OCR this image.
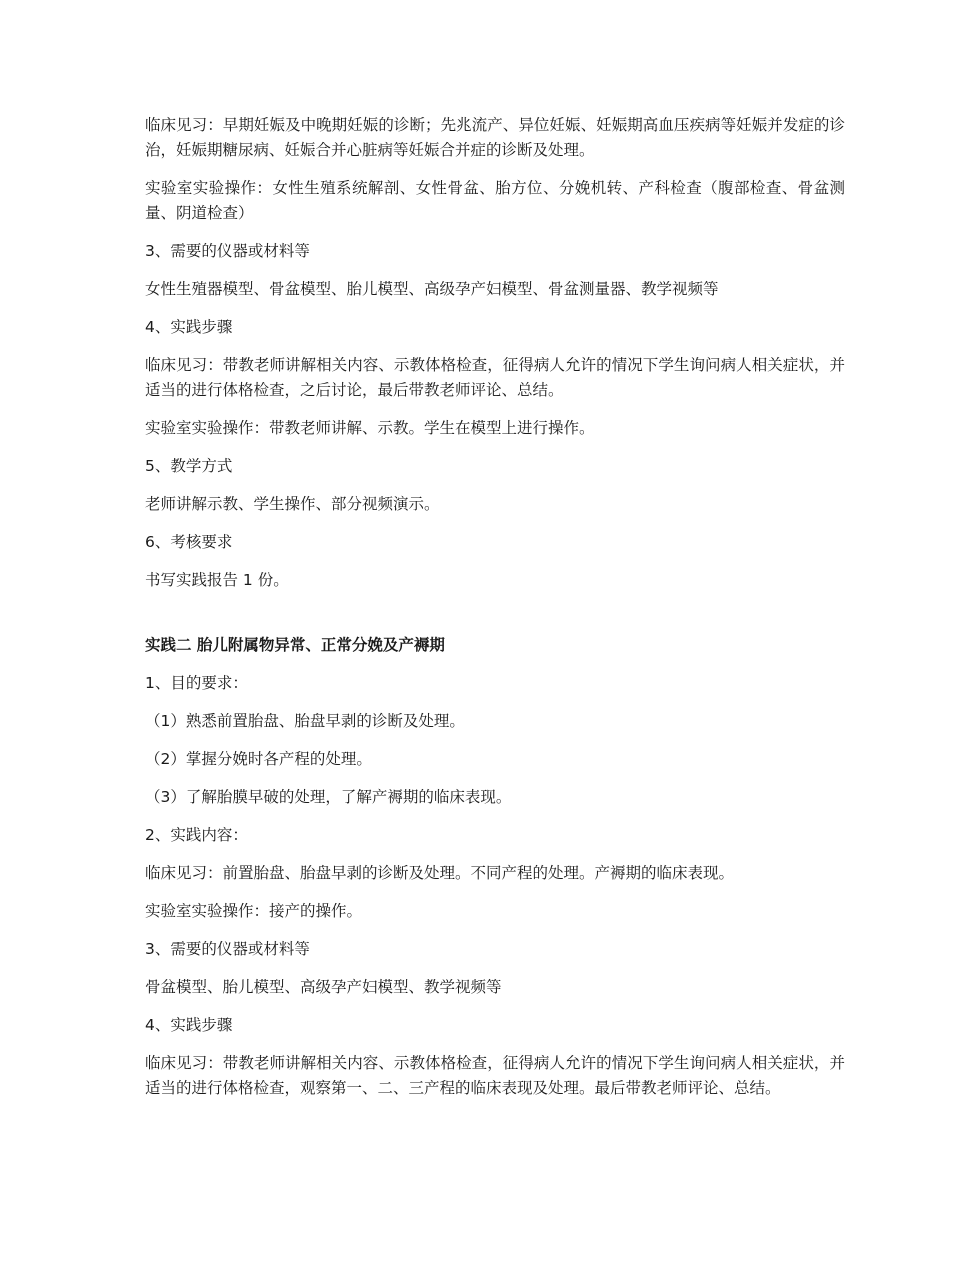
临床见习：早期妊娠及中晚期妊娠的诊断；先兆流产、异位妊娠、妊娠期高血压疾病等妊娠并发症的诊治，妊娠期糖尿病、妊娠合并心脏病等妊娠合并症的诊断及处理。

实验室实验操作：女性生殖系统解剖、女性骨盆、胎方位、分娩机转、产科检查（腹部检查、骨盆测量、阴道检查）

3、需要的仪器或材料等

女性生殖器模型、骨盆模型、胎儿模型、高级孕产妇模型、骨盆测量器、教学视频等

4、实践步骤

临床见习：带教老师讲解相关内容、示教体格检查，征得病人允许的情况下学生询问病人相关症状，并适当的进行体格检查，之后讨论，最后带教老师评论、总结。

实验室实验操作：带教老师讲解、示教。学生在模型上进行操作。

5、教学方式

老师讲解示教、学生操作、部分视频演示。

6、考核要求

书写实践报告 1 份。

实践二 胎儿附属物异常、正常分娩及产褥期

1、目的要求：

（1）熟悉前置胎盘、胎盘早剥的诊断及处理。

（2）掌握分娩时各产程的处理。

（3）了解胎膜早破的处理，了解产褥期的临床表现。

2、实践内容：

临床见习：前置胎盘、胎盘早剥的诊断及处理。不同产程的处理。产褥期的临床表现。

实验室实验操作：接产的操作。

3、需要的仪器或材料等

骨盆模型、胎儿模型、高级孕产妇模型、教学视频等

4、实践步骤

临床见习：带教老师讲解相关内容、示教体格检查，征得病人允许的情况下学生询问病人相关症状，并适当的进行体格检查，观察第一、二、三产程的临床表现及处理。最后带教老师评论、总结。
